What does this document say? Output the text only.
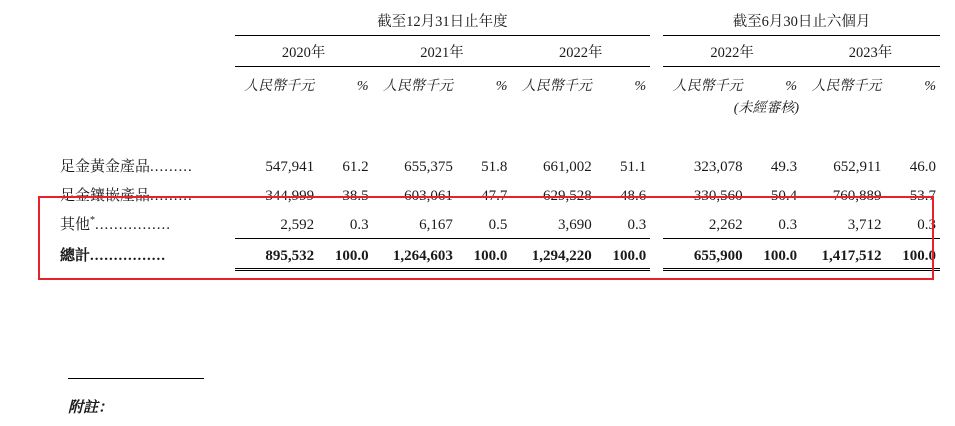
	截至12月31日止年度							截至6月30日止六個月			

	2020年		2021年		2022年			2022年		2023年	

	人民幣千元	%	人民幣千元	%	人民幣千元	%		人民幣千元	%	人民幣千元	%
								(未經審核)			

足金黃金產品.........	547,941	61.2	655,375	51.8	661,002	51.1		323,078	49.3	652,911	46.0
足金鑲嵌產品.........	344,999	38.5	603,061	47.7	629,528	48.6		330,560	50.4	760,889	53.7
其他*................	2,592	0.3	6,167	0.5	3,690	0.3		2,262	0.3	3,712	0.3
總計................	895,532	100.0	1,264,603	100.0	1,294,220	100.0		655,900	100.0	1,417,512	100.0
附註：
